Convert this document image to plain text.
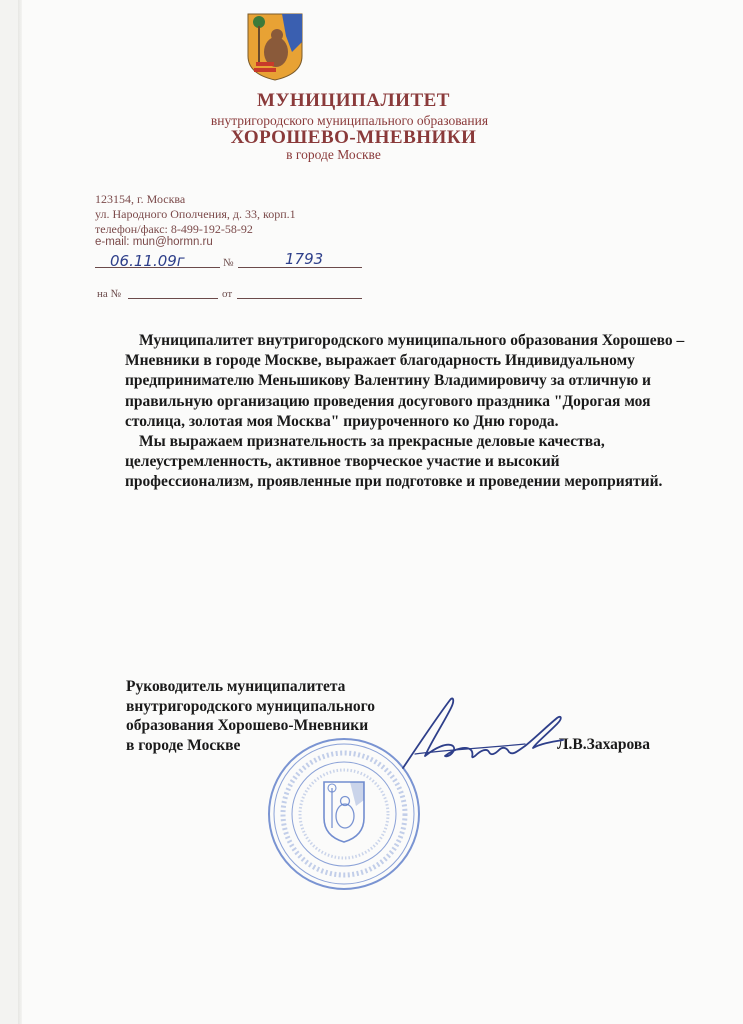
МУНИЦИПАЛИТЕТ
внутригородского муниципального образования
ХОРОШЕВО-МНЕВНИКИ
в городе Москве
123154, г. Москва
ул. Народного Ополчения, д. 33, корп.1
телефон/факс: 8-499-192-58-92
e-mail: mun@hormn.ru
06.11.09г	№	1793
на №	от

Муниципалитет внутригородского муниципального образования Хорошево – Мневники в городе Москве, выражает благодарность Индивидуальному предпринимателю Меньшикову Валентину Владимировичу за отличную и правильную организацию проведения досугового праздника "Дорогая моя столица, золотая моя Москва" приуроченного ко Дню города.

Мы выражаем признательность за прекрасные деловые качества, целеустремленность, активное творческое участие и высокий профессионализм, проявленные при подготовке и проведении мероприятий.

Руководитель муниципалитета
внутригородского муниципального
образования Хорошево-Мневники
в городе Москве	Л.В.Захарова
